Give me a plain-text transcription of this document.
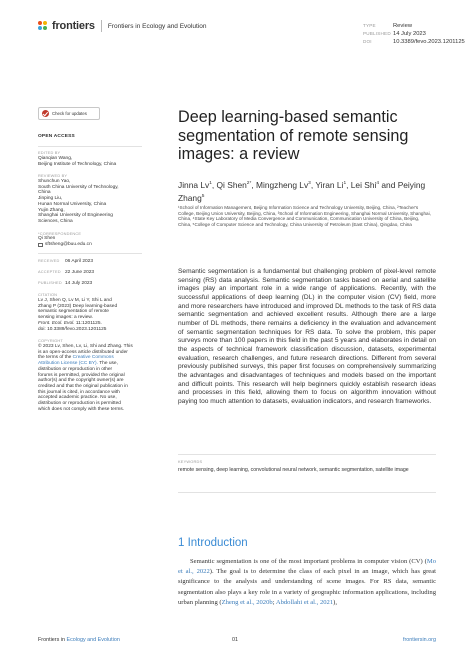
frontiers Frontiers in Ecology and Evolution	TYPE	Review
PUBLISHED 14 July 2023
DOI	10.3389/fevo.2023.1201125
Check for updates
OPEN ACCESS
EDITED BY
Qianqian Wang,
Beijing Institute of Technology, China
REVIEWED BY
Shunchun Yao,
South China University of Technology,
China
Jinping Liu,
Hunan Normal University, China
Yujin Zhang,
Shanghai University of Engineering
Sciences, China
*CORRESPONDENCE
Qi Shen
sftsheng@buu.edu.cn
RECEIVED 06 April 2023
ACCEPTED 22 June 2023
PUBLISHED 14 July 2023
CITATION
Lv J, Shen Q, Lv M, Li Y, Shi L and
Zhang P (2023) Deep learning-based
semantic segmentation of remote
sensing images: a review.
Front. Ecol. Evol. 11:1201125.
doi: 10.3389/fevo.2023.1201125
COPYRIGHT
© 2023 Lv, Shen, Lv, Li, Shi and Zhang. This
is an open-access article distributed under
the terms of the Creative Commons
Attribution License (CC BY). The use,
distribution or reproduction in other
forums is permitted, provided the original
author(s) and the copyright owner(s) are
credited and that the original publication in
this journal is cited, in accordance with
accepted academic practice. No use,
distribution or reproduction is permitted
which does not comply with these terms.
Deep learning-based semantic segmentation of remote sensing images: a review
Jinna Lv$^1$, Qi Shen$^{2*}$, Mingzheng Lv$^3$, Yiran Li$^1$, Lei Shi$^4$ and Peiying Zhang$^5$
¹School of Information Management, Beijing Information Science and Technology University, Beijing, China, ²Teacher's College, Beijing Union University, Beijing, China, ³School of Information Engineering, Shanghai Normal University, Shanghai, China, ⁴State Key Laboratory of Media Convergence and Communication, Communication University of China, Beijing, China, ⁵College of Computer Science and Technology, China University of Petroleum (East China), Qingdao, China
Semantic segmentation is a fundamental but challenging problem of pixel-level remote sensing (RS) data analysis. Semantic segmentation tasks based on aerial and satellite images play an important role in a wide range of applications. Recently, with the successful applications of deep learning (DL) in the computer vision (CV) field, more and more researchers have introduced and improved DL methods to the task of RS data semantic segmentation and achieved excellent results. Although there are a large number of DL methods, there remains a deficiency in the evaluation and advancement of semantic segmentation techniques for RS data. To solve the problem, this paper surveys more than 100 papers in this field in the past 5 years and elaborates in detail on the aspects of technical framework classification discussion, datasets, experimental evaluation, research challenges, and future research directions. Different from several previously published surveys, this paper first focuses on comprehensively summarizing the advantages and disadvantages of techniques and models based on the important and difficult points. This research will help beginners quickly establish research ideas and processes in this field, allowing them to focus on algorithm innovation without paying too much attention to datasets, evaluation indicators, and research frameworks.
KEYWORDS
remote sensing, deep learning, convolutional neural network, semantic segmentation, satellite image
1 Introduction
Semantic segmentation is one of the most important problems in computer vision (CV) (Mo et al., 2022). The goal is to determine the class of each pixel in an image, which has great significance to the analysis and understanding of scene images. For RS data, semantic segmentation also plays a key role in a variety of geographic information applications, including urban planning (Zheng et al., 2020b; Abdollahi et al., 2021),
Frontiers in Ecology and Evolution	01	frontiersin.org
